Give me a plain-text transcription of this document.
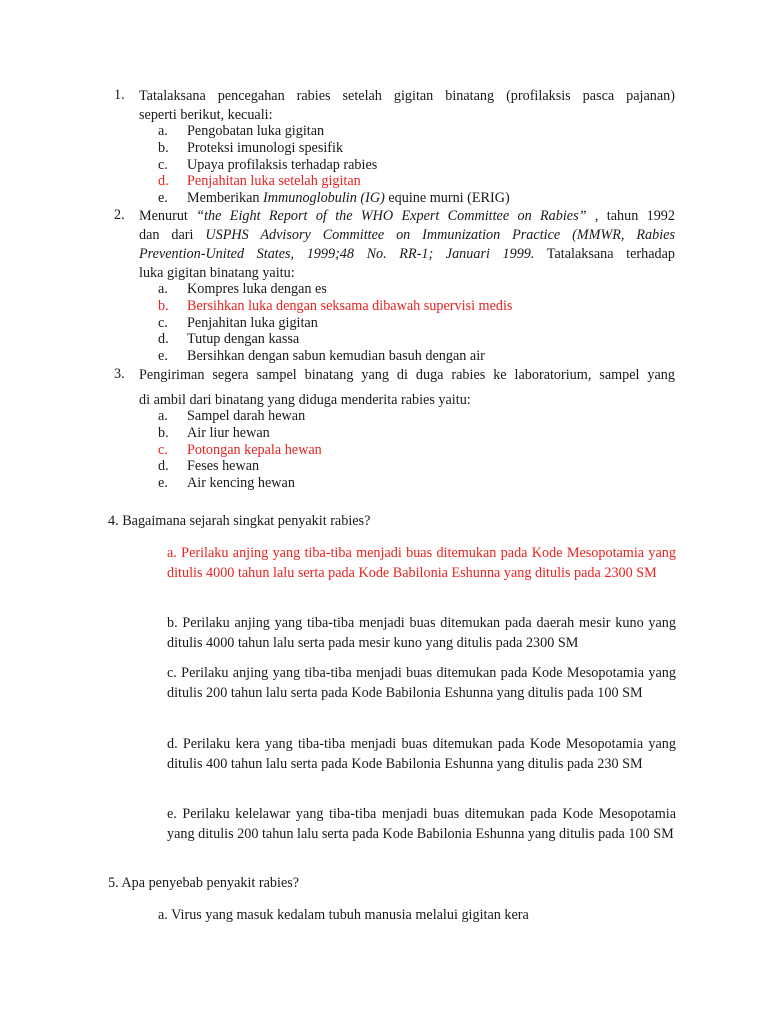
1. Tatalaksana pencegahan rabies setelah gigitan binatang (profilaksis pasca pajanan)
seperti berikut, kecuali:
a. Pengobatan luka gigitan
b. Proteksi imunologi spesifik
c. Upaya profilaksis terhadap rabies
d. Penjahitan luka setelah gigitan
e. Memberikan Immunoglobulin (IG) equine murni (ERIG)
2. Menurut “the Eight Report of the WHO Expert Committee on Rabies” , tahun 1992
dan dari USPHS Advisory Committee on Immunization Practice (MMWR, Rabies
Prevention-United States, 1999;48 No. RR-1; Januari 1999. Tatalaksana terhadap
luka gigitan binatang yaitu:
a. Kompres luka dengan es
b. Bersihkan luka dengan seksama dibawah supervisi medis
c. Penjahitan luka gigitan
d. Tutup dengan kassa
e. Bersihkan dengan sabun kemudian basuh dengan air
3. Pengiriman segera sampel binatang yang di duga rabies ke laboratorium, sampel yang
di ambil dari binatang yang diduga menderita rabies yaitu:
a. Sampel darah hewan
b. Air liur hewan
c. Potongan kepala hewan
d. Feses hewan
e. Air kencing hewan
4. Bagaimana sejarah singkat penyakit rabies?
a. Perilaku anjing yang tiba-tiba menjadi buas ditemukan pada Kode Mesopotamia yang ditulis 4000 tahun lalu serta pada Kode Babilonia Eshunna yang ditulis pada 2300 SM
b. Perilaku anjing yang tiba-tiba menjadi buas ditemukan pada daerah mesir kuno yang ditulis 4000 tahun lalu serta pada mesir kuno yang ditulis pada 2300 SM
c. Perilaku anjing yang tiba-tiba menjadi buas ditemukan pada Kode Mesopotamia yang ditulis 200 tahun lalu serta pada Kode Babilonia Eshunna yang ditulis pada 100 SM
d. Perilaku kera yang tiba-tiba menjadi buas ditemukan pada Kode Mesopotamia yang ditulis 400 tahun lalu serta pada Kode Babilonia Eshunna yang ditulis pada 230 SM
e. Perilaku kelelawar yang tiba-tiba menjadi buas ditemukan pada Kode Mesopotamia yang ditulis 200 tahun lalu serta pada Kode Babilonia Eshunna yang ditulis pada 100 SM
5. Apa penyebab penyakit rabies?
a. Virus yang masuk kedalam tubuh manusia melalui gigitan kera
